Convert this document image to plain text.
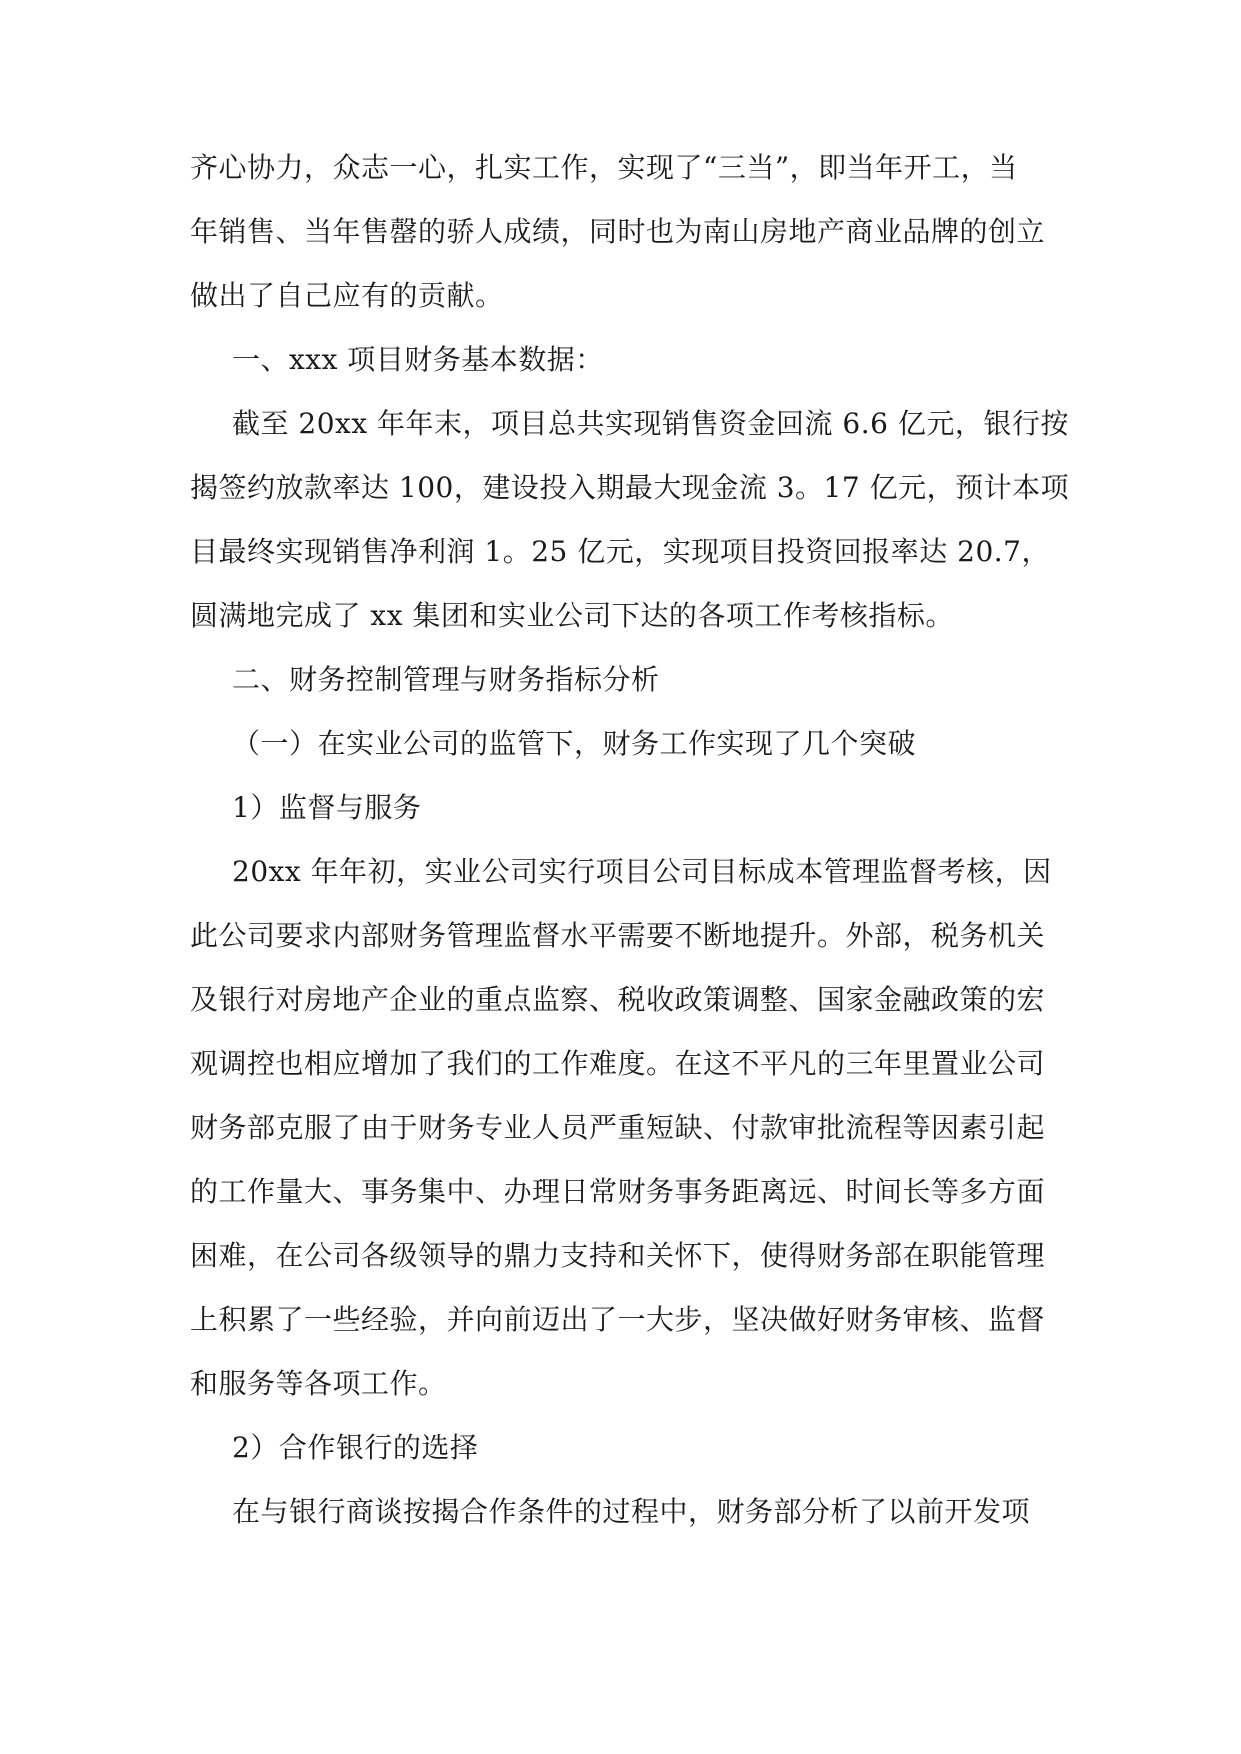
齐心协力，众志一心，扎实工作，实现了“三当”，即当年开工，当

年销售、当年售罄的骄人成绩，同时也为南山房地产商业品牌的创立

做出了自己应有的贡献。

一、xxx 项目财务基本数据：

截至 20xx 年年末，项目总共实现销售资金回流 6.6 亿元，银行按

揭签约放款率达 100，建设投入期最大现金流 3。17 亿元，预计本项

目最终实现销售净利润 1。25 亿元，实现项目投资回报率达 20.7，

圆满地完成了 xx 集团和实业公司下达的各项工作考核指标。

二、财务控制管理与财务指标分析

（一）在实业公司的监管下，财务工作实现了几个突破

1）监督与服务

20xx 年年初，实业公司实行项目公司目标成本管理监督考核，因

此公司要求内部财务管理监督水平需要不断地提升。外部，税务机关

及银行对房地产企业的重点监察、税收政策调整、国家金融政策的宏

观调控也相应增加了我们的工作难度。在这不平凡的三年里置业公司

财务部克服了由于财务专业人员严重短缺、付款审批流程等因素引起

的工作量大、事务集中、办理日常财务事务距离远、时间长等多方面

困难，在公司各级领导的鼎力支持和关怀下，使得财务部在职能管理

上积累了一些经验，并向前迈出了一大步，坚决做好财务审核、监督

和服务等各项工作。

2）合作银行的选择

在与银行商谈按揭合作条件的过程中，财务部分析了以前开发项
